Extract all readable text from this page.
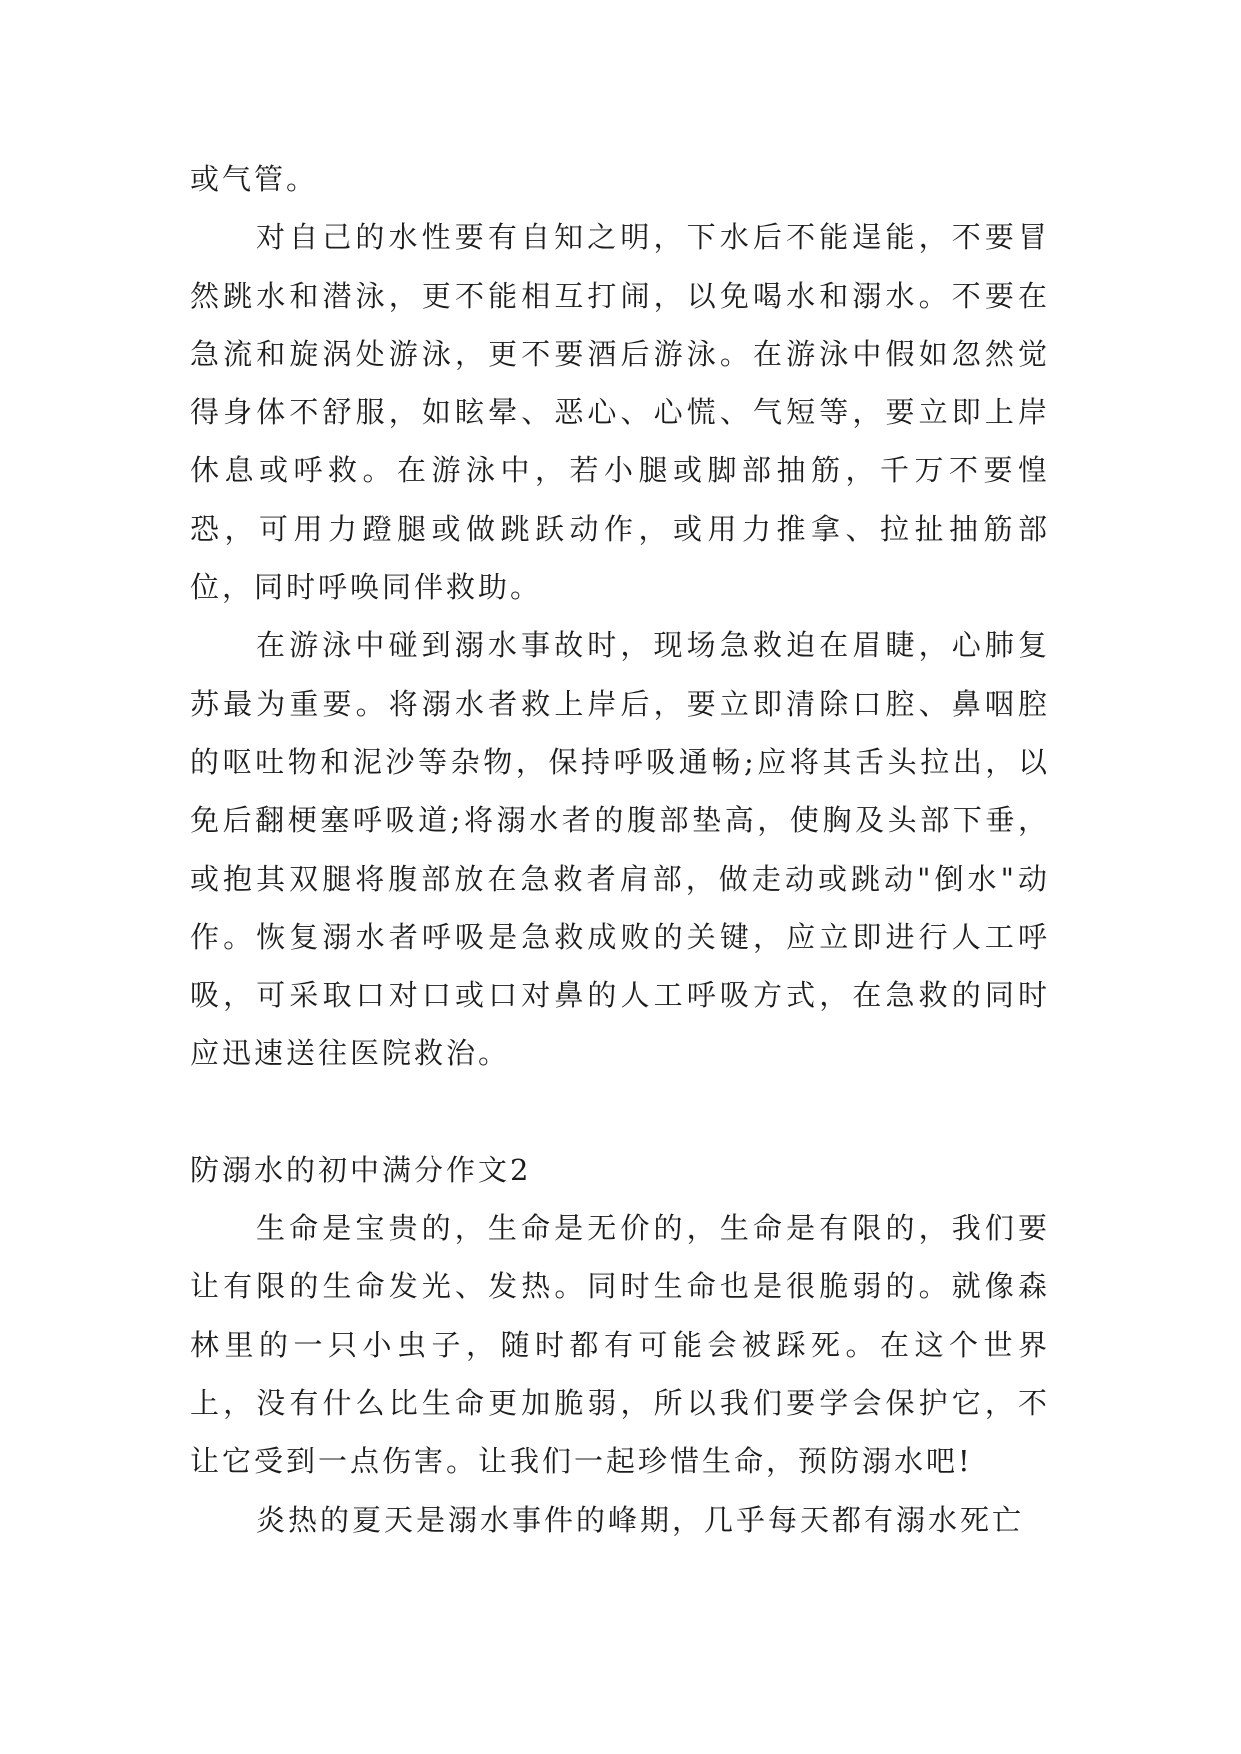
或气管。

对自己的水性要有自知之明，下水后不能逞能，不要冒然跳水和潜泳，更不能相互打闹，以免喝水和溺水。不要在急流和旋涡处游泳，更不要酒后游泳。在游泳中假如忽然觉得身体不舒服，如眩晕、恶心、心慌、气短等，要立即上岸休息或呼救。在游泳中，若小腿或脚部抽筋，千万不要惶恐，可用力蹬腿或做跳跃动作，或用力推拿、拉扯抽筋部位，同时呼唤同伴救助。

在游泳中碰到溺水事故时，现场急救迫在眉睫，心肺复苏最为重要。将溺水者救上岸后，要立即清除口腔、鼻咽腔的呕吐物和泥沙等杂物，保持呼吸通畅;应将其舌头拉出，以免后翻梗塞呼吸道;将溺水者的腹部垫高，使胸及头部下垂，或抱其双腿将腹部放在急救者肩部，做走动或跳动"倒水"动作。恢复溺水者呼吸是急救成败的关键，应立即进行人工呼吸，可采取口对口或口对鼻的人工呼吸方式，在急救的同时应迅速送往医院救治。

防溺水的初中满分作文2

生命是宝贵的，生命是无价的，生命是有限的，我们要让有限的生命发光、发热。同时生命也是很脆弱的。就像森林里的一只小虫子，随时都有可能会被踩死。在这个世界上，没有什么比生命更加脆弱，所以我们要学会保护它，不让它受到一点伤害。让我们一起珍惜生命，预防溺水吧!

炎热的夏天是溺水事件的峰期，几乎每天都有溺水死亡
